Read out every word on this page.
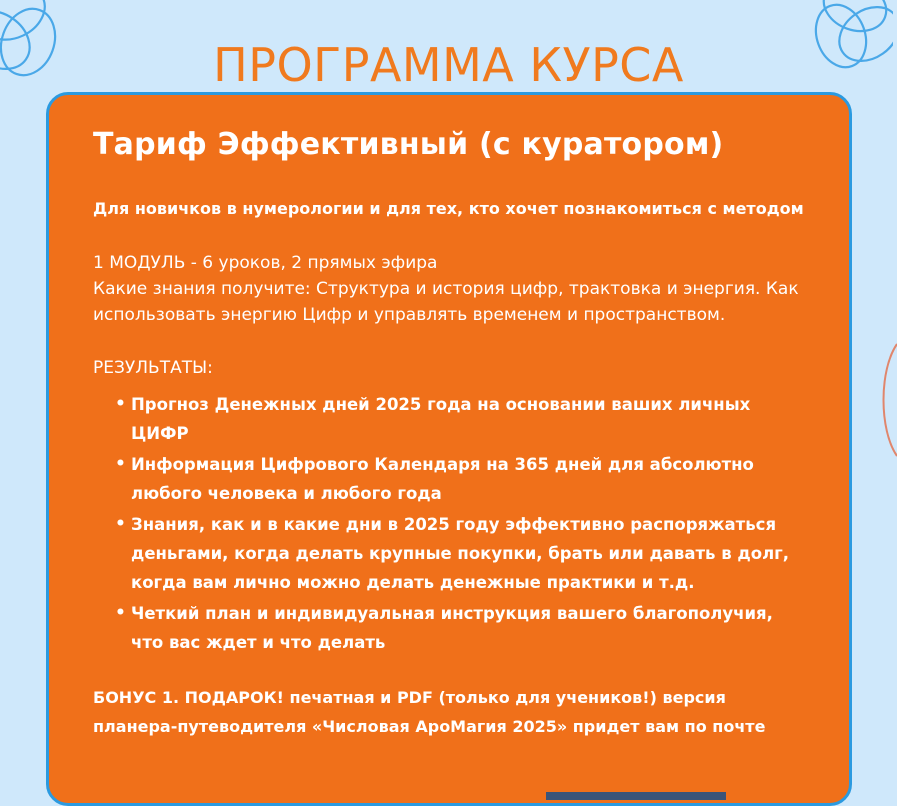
ПРОГРАММА КУРСА
Тариф Эффективный (с куратором)
Для новичков в нумерологии и для тех, кто хочет познакомиться с методом
1 МОДУЛЬ - 6 уроков, 2 прямых эфира
Какие знания получите: Структура и история цифр, трактовка и энергия. Как
использовать энергию Цифр и управлять временем и пространством.
РЕЗУЛЬТАТЫ:
• Прогноз Денежных дней 2025 года на основании ваших личных ЦИФР
• Информация Цифрового Календаря на 365 дней для абсолютно любого человека и любого года
• Знания, как и в какие дни в 2025 году эффективно распоряжаться деньгами, когда делать крупные покупки, брать или давать в долг, когда вам лично можно делать денежные практики и т.д.
• Четкий план и индивидуальная инструкция вашего благополучия, что вас ждет и что делать
БОНУС 1. ПОДАРОК! печатная и PDF (только для учеников!) версия планера-путеводителя «Числовая АроМагия 2025» придет вам по почте
